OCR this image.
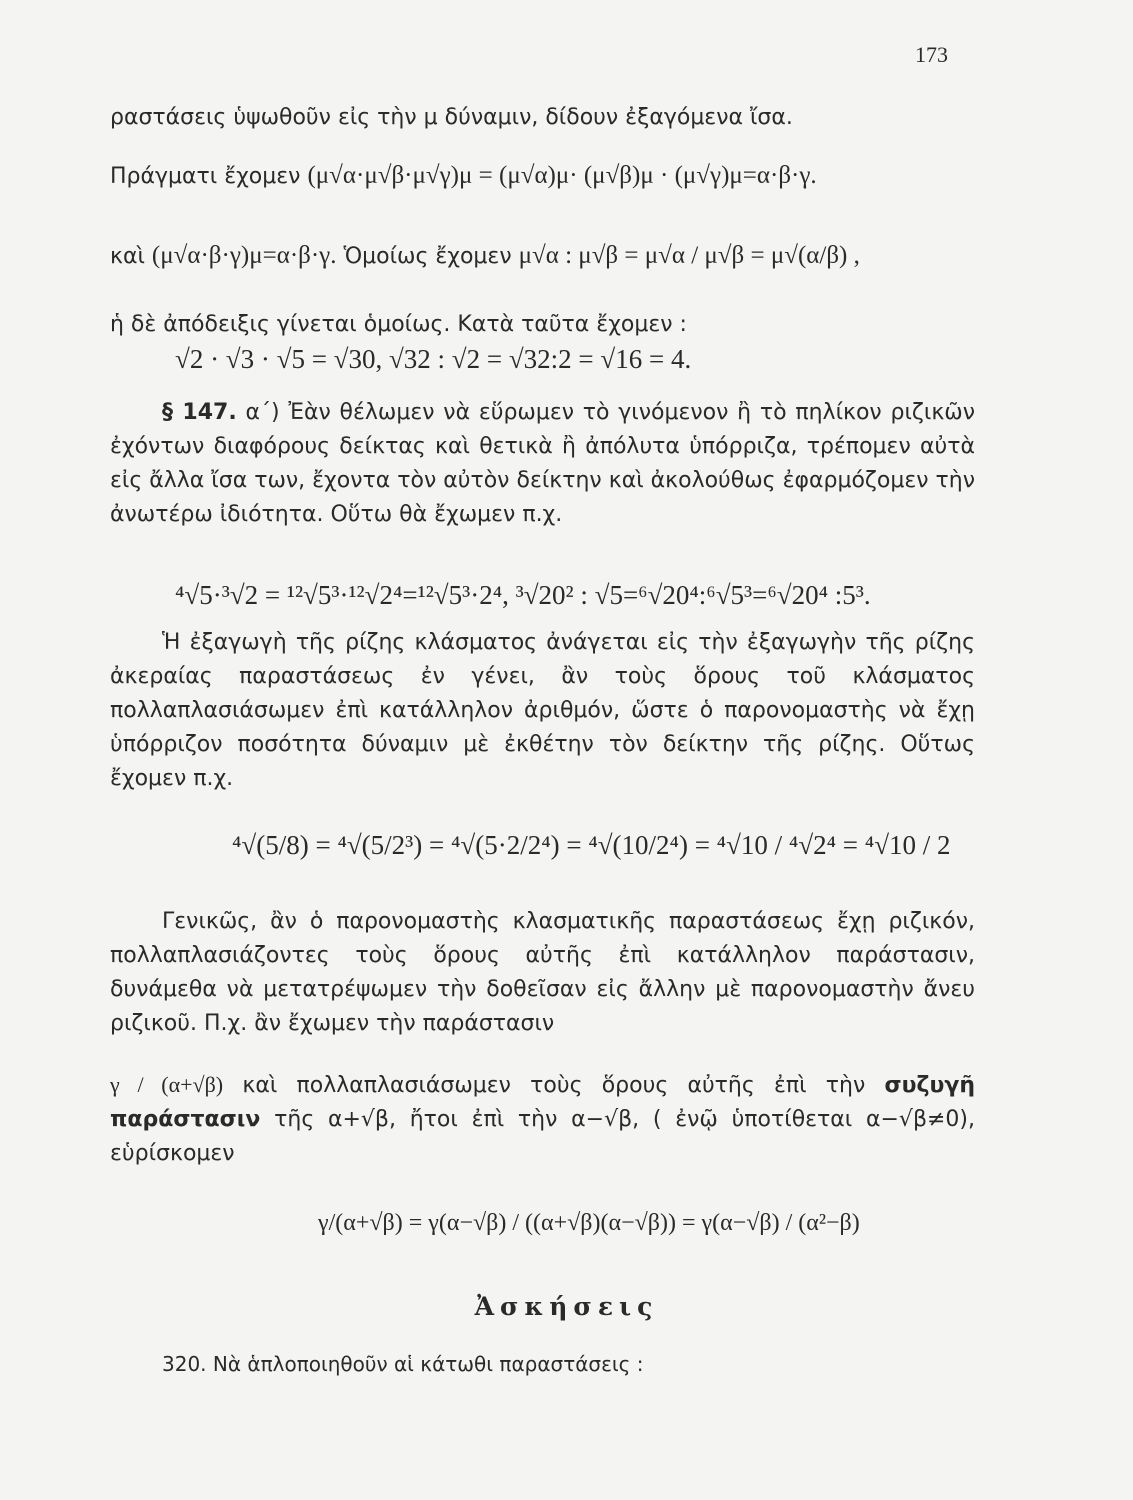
173
ραστάσεις ὑψωθοῦν εἰς τὴν μ δύναμιν, δίδουν ἐξαγόμενα ἴσα.
Πράγματι ἔχομεν (μ√α·μ√β·μ√γ)μ = (μ√α)μ· (μ√β)μ · (μ√γ)μ=α·β·γ.
καὶ (μ√α·β·γ)μ=α·β·γ. Ὁμοίως ἔχομεν μ√α : μ√β = μ√α / μ√β = μ√(α/β) ,
ἡ δὲ ἀπόδειξις γίνεται ὁμοίως. Κατὰ ταῦτα ἔχομεν :
√2 · √3 · √5 = √30, √32 : √2 = √32:2 = √16 = 4.
§ 147. α΄) Ἐὰν θέλωμεν νὰ εὕρωμεν τὸ γινόμενον ἢ τὸ πηλίκον ριζικῶν ἐχόντων διαφόρους δείκτας καὶ θετικὰ ἢ ἀπόλυτα ὑπόρριζα, τρέπομεν αὐτὰ εἰς ἄλλα ἴσα των, ἔχοντα τὸν αὐτὸν δείκτην καὶ ἀκολούθως ἐφαρμόζομεν τὴν ἀνωτέρω ἰδιότητα. Οὕτω θὰ ἔχωμεν π.χ.
⁴√5·³√2 = ¹²√5³·¹²√2⁴=¹²√5³·2⁴, ³√20² : √5=⁶√20⁴:⁶√5³=⁶√20⁴ :5³.
Ἡ ἐξαγωγὴ τῆς ρίζης κλάσματος ἀνάγεται εἰς τὴν ἐξαγωγὴν τῆς ρίζης ἀκεραίας παραστάσεως ἐν γένει, ἂν τοὺς ὅρους τοῦ κλάσματος πολλαπλασιάσωμεν ἐπὶ κατάλληλον ἀριθμόν, ὥστε ὁ παρονομαστὴς νὰ ἔχῃ ὑπόρριζον ποσότητα δύναμιν μὲ ἐκθέτην τὸν δείκτην τῆς ρίζης. Οὕτως ἔχομεν π.χ.
⁴√(5/8) = ⁴√(5/2³) = ⁴√(5·2/2⁴) = ⁴√(10/2⁴) = ⁴√10 / ⁴√2⁴ = ⁴√10 / 2
Γενικῶς, ἂν ὁ παρονομαστὴς κλασματικῆς παραστάσεως ἔχῃ ριζικόν, πολλαπλασιάζοντες τοὺς ὅρους αὐτῆς ἐπὶ κατάλληλον παράστασιν, δυνάμεθα νὰ μετατρέψωμεν τὴν δοθεῖσαν εἰς ἄλλην μὲ παρονομαστὴν ἄνευ ριζικοῦ. Π.χ. ἂν ἔχωμεν τὴν παράστασιν
γ / (α+√β) καὶ πολλαπλασιάσωμεν τοὺς ὅρους αὐτῆς ἐπὶ τὴν συζυγῆ παράστασιν τῆς α+√β, ἤτοι ἐπὶ τὴν α−√β, ( ἐνῷ ὑποτίθεται α−√β≠0), εὑρίσκομεν
γ/(α+√β) = γ(α−√β) / ((α+√β)(α−√β)) = γ(α−√β) / (α²−β)
Ἀσκήσεις
320. Νὰ ἁπλοποιηθοῦν αἱ κάτωθι παραστάσεις :
